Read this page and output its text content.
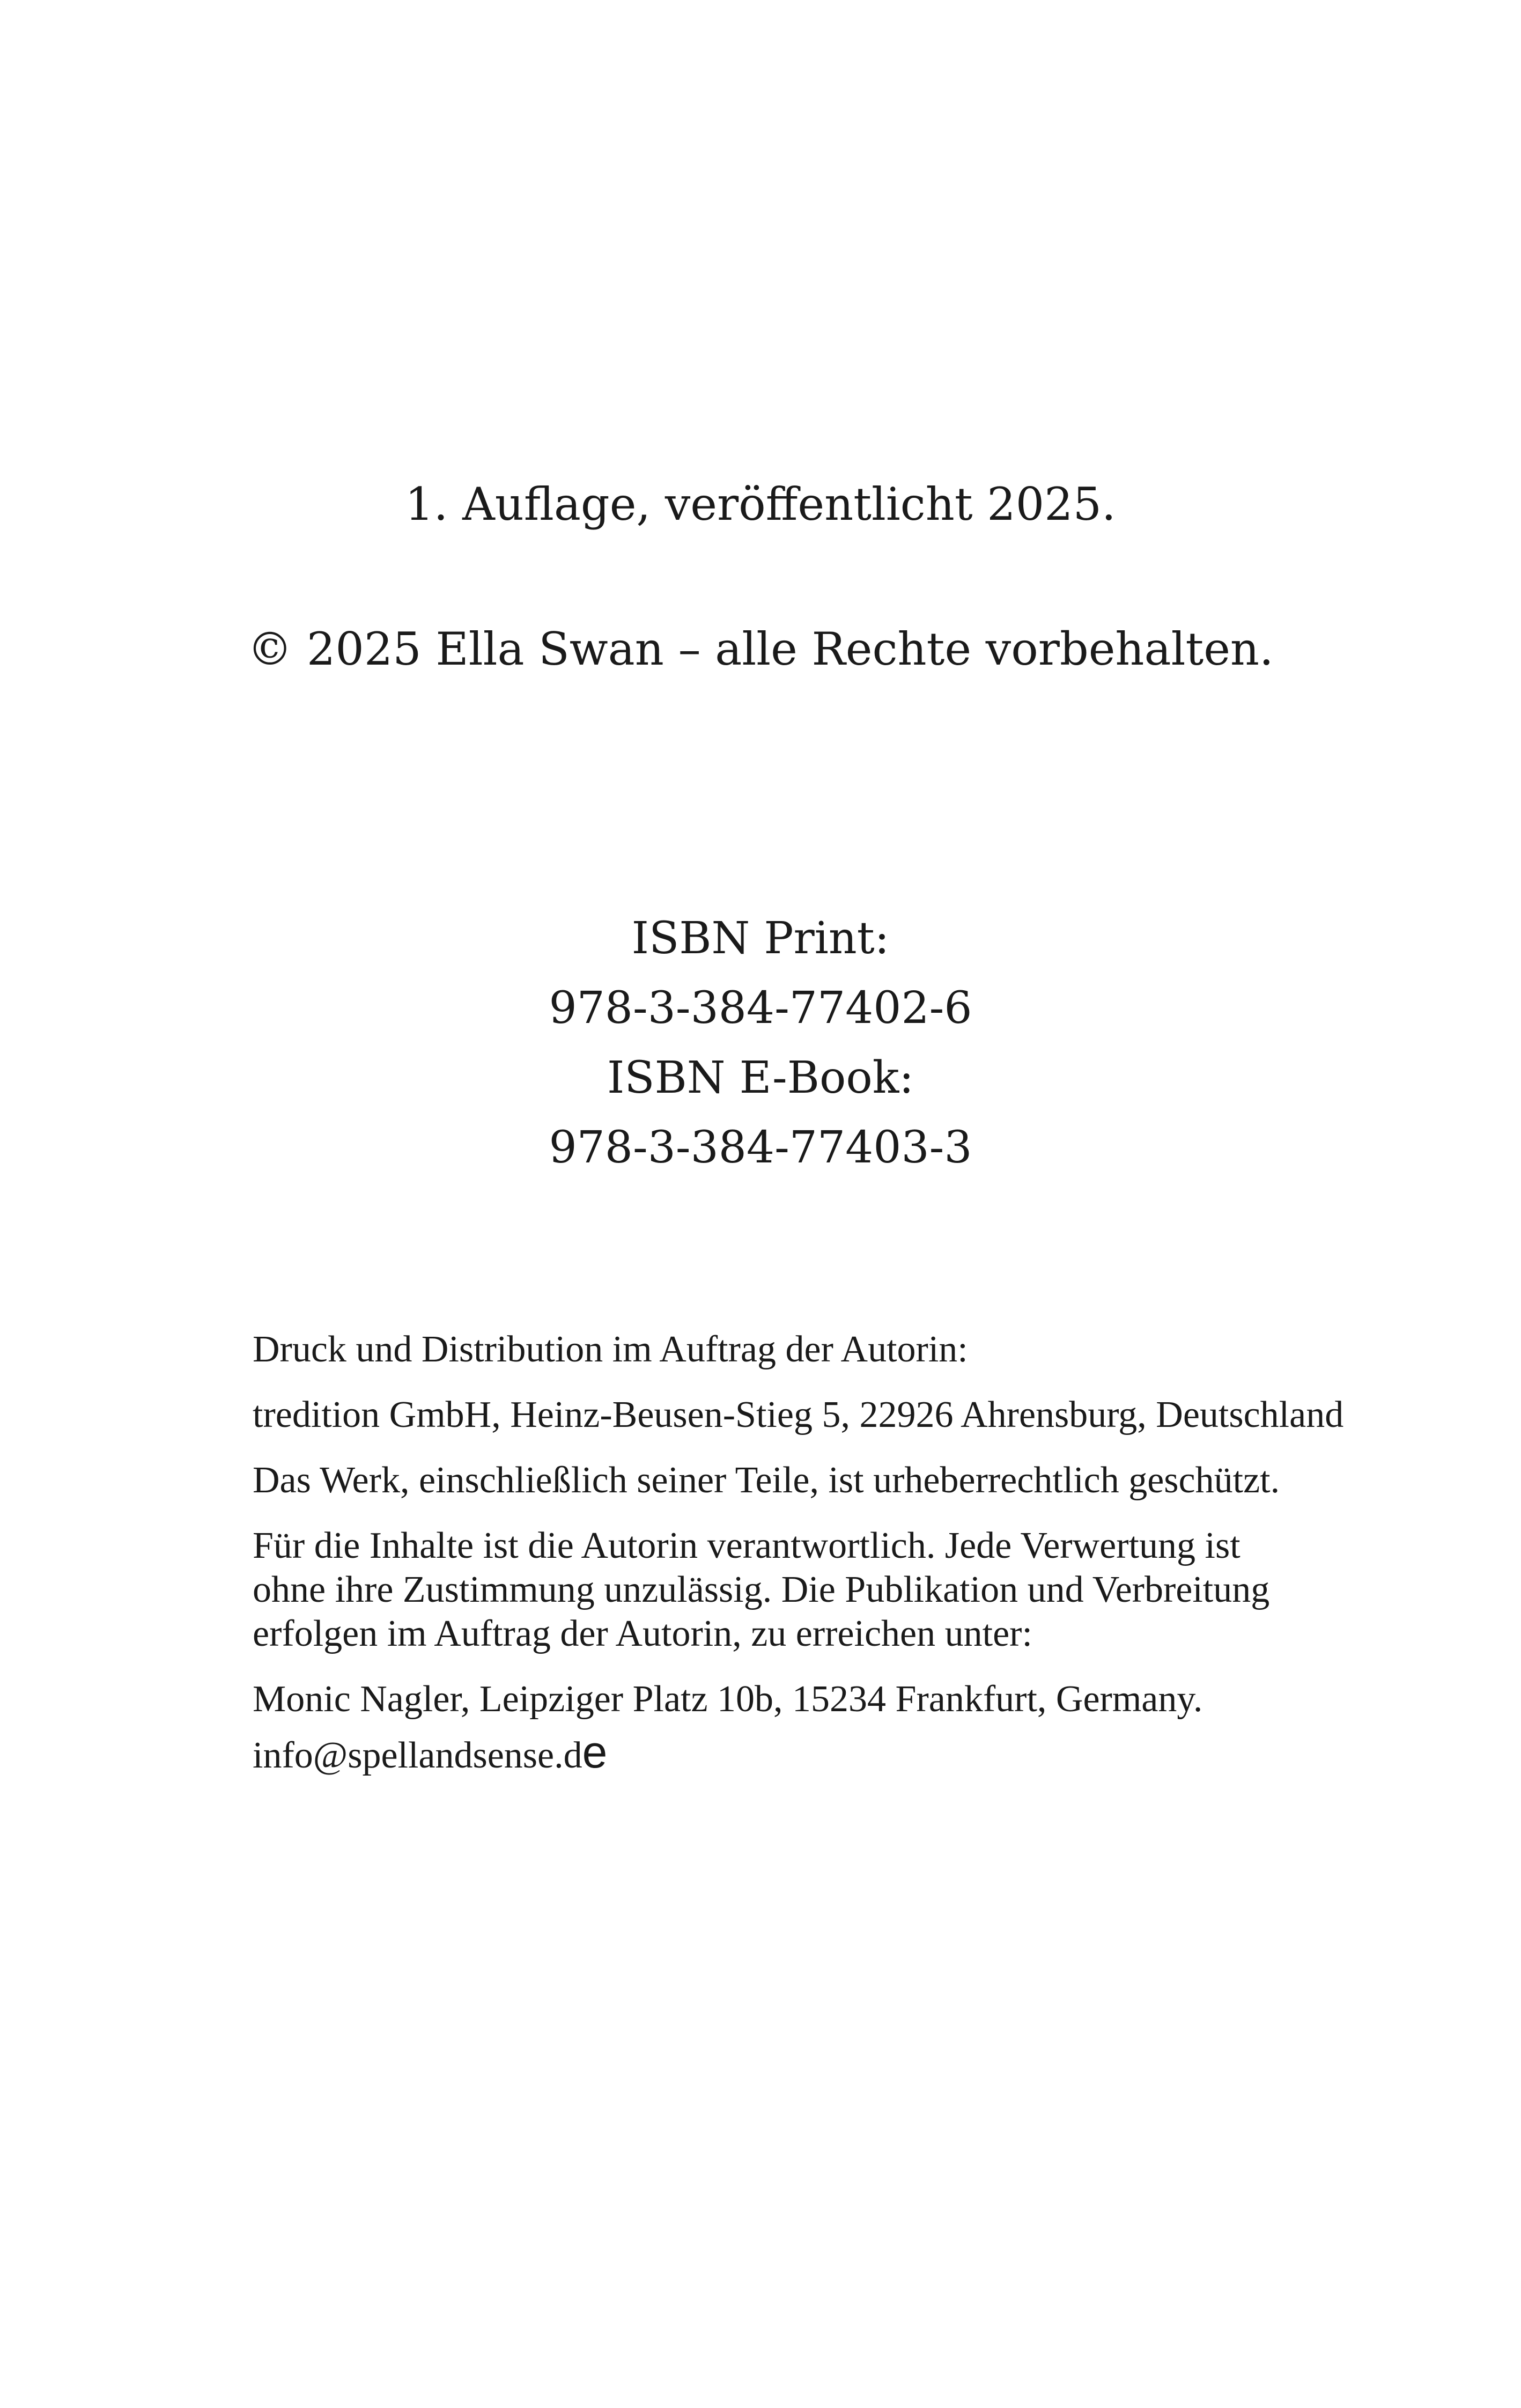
1. Auflage, veröffentlicht 2025.
© 2025 Ella Swan – alle Rechte vorbehalten.
ISBN Print:
978-3-384-77402-6
ISBN E-Book:
978-3-384-77403-3

Druck und Distribution im Auftrag der Autorin:

tredition GmbH, Heinz-Beusen-Stieg 5, 22926 Ahrensburg, Deutschland

Das Werk, einschließlich seiner Teile, ist urheberrechtlich geschützt.

Für die Inhalte ist die Autorin verantwortlich. Jede Verwertung ist
ohne ihre Zustimmung unzulässig. Die Publikation und Verbreitung
erfolgen im Auftrag der Autorin, zu erreichen unter:

Monic Nagler, Leipziger Platz 10b, 15234 Frankfurt, Germany.

info@spellandsense.de
